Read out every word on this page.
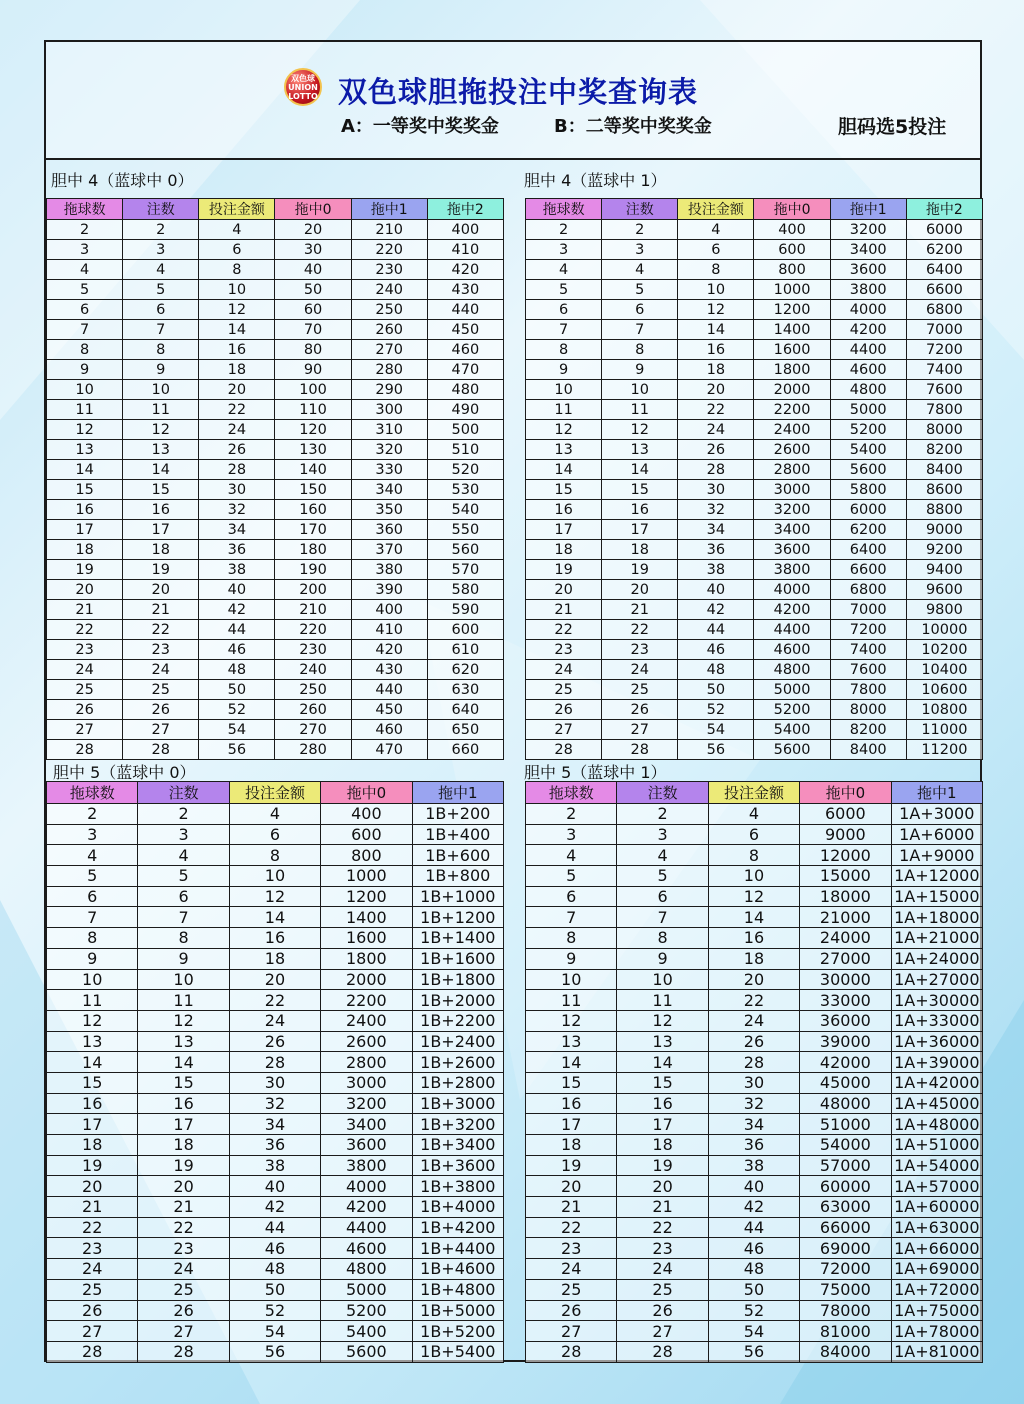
双色球 UNION LOTTO 双色球胆拖投注中奖查询表
A：一等奖中奖奖金	B：二等奖中奖奖金	胆码选5投注
胆中 4（蓝球中 0）	胆中 4（蓝球中 1）
胆中 5（蓝球中 0）	胆中 5（蓝球中 1）
拖球数	注数	投注金额	拖中0	拖中1	拖中2
2	2	4	20	210	400
3	3	6	30	220	410
4	4	8	40	230	420
5	5	10	50	240	430
6	6	12	60	250	440
7	7	14	70	260	450
8	8	16	80	270	460
9	9	18	90	280	470
10	10	20	100	290	480
11	11	22	110	300	490
12	12	24	120	310	500
13	13	26	130	320	510
14	14	28	140	330	520
15	15	30	150	340	530
16	16	32	160	350	540
17	17	34	170	360	550
18	18	36	180	370	560
19	19	38	190	380	570
20	20	40	200	390	580
21	21	42	210	400	590
22	22	44	220	410	600
23	23	46	230	420	610
24	24	48	240	430	620
25	25	50	250	440	630
26	26	52	260	450	640
27	27	54	270	460	650
28	28	56	280	470	660
拖球数	注数	投注金额	拖中0	拖中1	拖中2
2	2	4	400	3200	6000
3	3	6	600	3400	6200
4	4	8	800	3600	6400
5	5	10	1000	3800	6600
6	6	12	1200	4000	6800
7	7	14	1400	4200	7000
8	8	16	1600	4400	7200
9	9	18	1800	4600	7400
10	10	20	2000	4800	7600
11	11	22	2200	5000	7800
12	12	24	2400	5200	8000
13	13	26	2600	5400	8200
14	14	28	2800	5600	8400
15	15	30	3000	5800	8600
16	16	32	3200	6000	8800
17	17	34	3400	6200	9000
18	18	36	3600	6400	9200
19	19	38	3800	6600	9400
20	20	40	4000	6800	9600
21	21	42	4200	7000	9800
22	22	44	4400	7200	10000
23	23	46	4600	7400	10200
24	24	48	4800	7600	10400
25	25	50	5000	7800	10600
26	26	52	5200	8000	10800
27	27	54	5400	8200	11000
28	28	56	5600	8400	11200
拖球数	注数	投注金额	拖中0	拖中1
2	2	4	400	1B+200
3	3	6	600	1B+400
4	4	8	800	1B+600
5	5	10	1000	1B+800
6	6	12	1200	1B+1000
7	7	14	1400	1B+1200
8	8	16	1600	1B+1400
9	9	18	1800	1B+1600
10	10	20	2000	1B+1800
11	11	22	2200	1B+2000
12	12	24	2400	1B+2200
13	13	26	2600	1B+2400
14	14	28	2800	1B+2600
15	15	30	3000	1B+2800
16	16	32	3200	1B+3000
17	17	34	3400	1B+3200
18	18	36	3600	1B+3400
19	19	38	3800	1B+3600
20	20	40	4000	1B+3800
21	21	42	4200	1B+4000
22	22	44	4400	1B+4200
23	23	46	4600	1B+4400
24	24	48	4800	1B+4600
25	25	50	5000	1B+4800
26	26	52	5200	1B+5000
27	27	54	5400	1B+5200
28	28	56	5600	1B+5400
拖球数	注数	投注金额	拖中0	拖中1
2	2	4	6000	1A+3000
3	3	6	9000	1A+6000
4	4	8	12000	1A+9000
5	5	10	15000	1A+12000
6	6	12	18000	1A+15000
7	7	14	21000	1A+18000
8	8	16	24000	1A+21000
9	9	18	27000	1A+24000
10	10	20	30000	1A+27000
11	11	22	33000	1A+30000
12	12	24	36000	1A+33000
13	13	26	39000	1A+36000
14	14	28	42000	1A+39000
15	15	30	45000	1A+42000
16	16	32	48000	1A+45000
17	17	34	51000	1A+48000
18	18	36	54000	1A+51000
19	19	38	57000	1A+54000
20	20	40	60000	1A+57000
21	21	42	63000	1A+60000
22	22	44	66000	1A+63000
23	23	46	69000	1A+66000
24	24	48	72000	1A+69000
25	25	50	75000	1A+72000
26	26	52	78000	1A+75000
27	27	54	81000	1A+78000
28	28	56	84000	1A+81000
